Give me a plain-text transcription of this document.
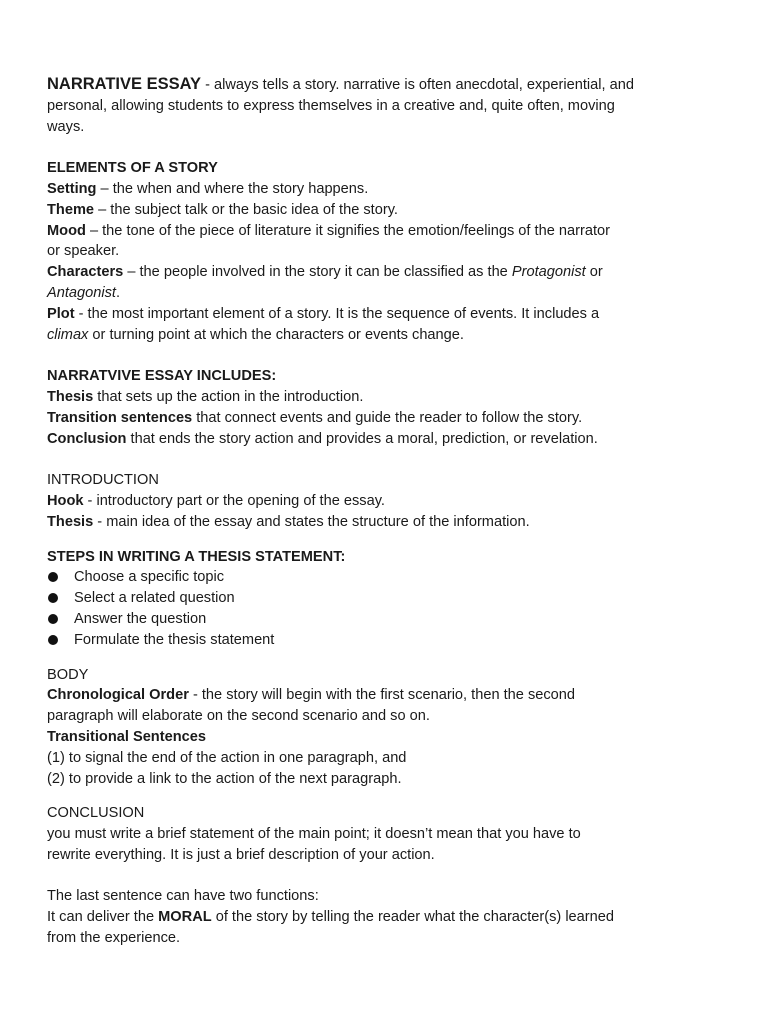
NARRATIVE ESSAY - always tells a story. narrative is often anecdotal, experiential, and

personal, allowing students to express themselves in a creative and, quite often, moving

ways.

ELEMENTS OF A STORY

Setting – the when and where the story happens.

Theme – the subject talk or the basic idea of the story.

Mood – the tone of the piece of literature it signifies the emotion/feelings of the narrator

or speaker.

Characters – the people involved in the story it can be classified as the Protagonist or

Antagonist.

Plot - the most important element of a story. It is the sequence of events. It includes a

climax or turning point at which the characters or events change.

NARRATVIVE ESSAY INCLUDES:

Thesis that sets up the action in the introduction.

Transition sentences that connect events and guide the reader to follow the story.

Conclusion that ends the story action and provides a moral, prediction, or revelation.

INTRODUCTION

Hook - introductory part or the opening of the essay.

Thesis - main idea of the essay and states the structure of the information.

STEPS IN WRITING A THESIS STATEMENT:

Choose a specific topic
Select a related question
Answer the question
Formulate the thesis statement

BODY

Chronological Order - the story will begin with the first scenario, then the second

paragraph will elaborate on the second scenario and so on.

Transitional Sentences

(1) to signal the end of the action in one paragraph, and

(2) to provide a link to the action of the next paragraph.

CONCLUSION

you must write a brief statement of the main point; it doesn’t mean that you have to

rewrite everything. It is just a brief description of your action.

The last sentence can have two functions:

It can deliver the MORAL of the story by telling the reader what the character(s) learned

from the experience.
